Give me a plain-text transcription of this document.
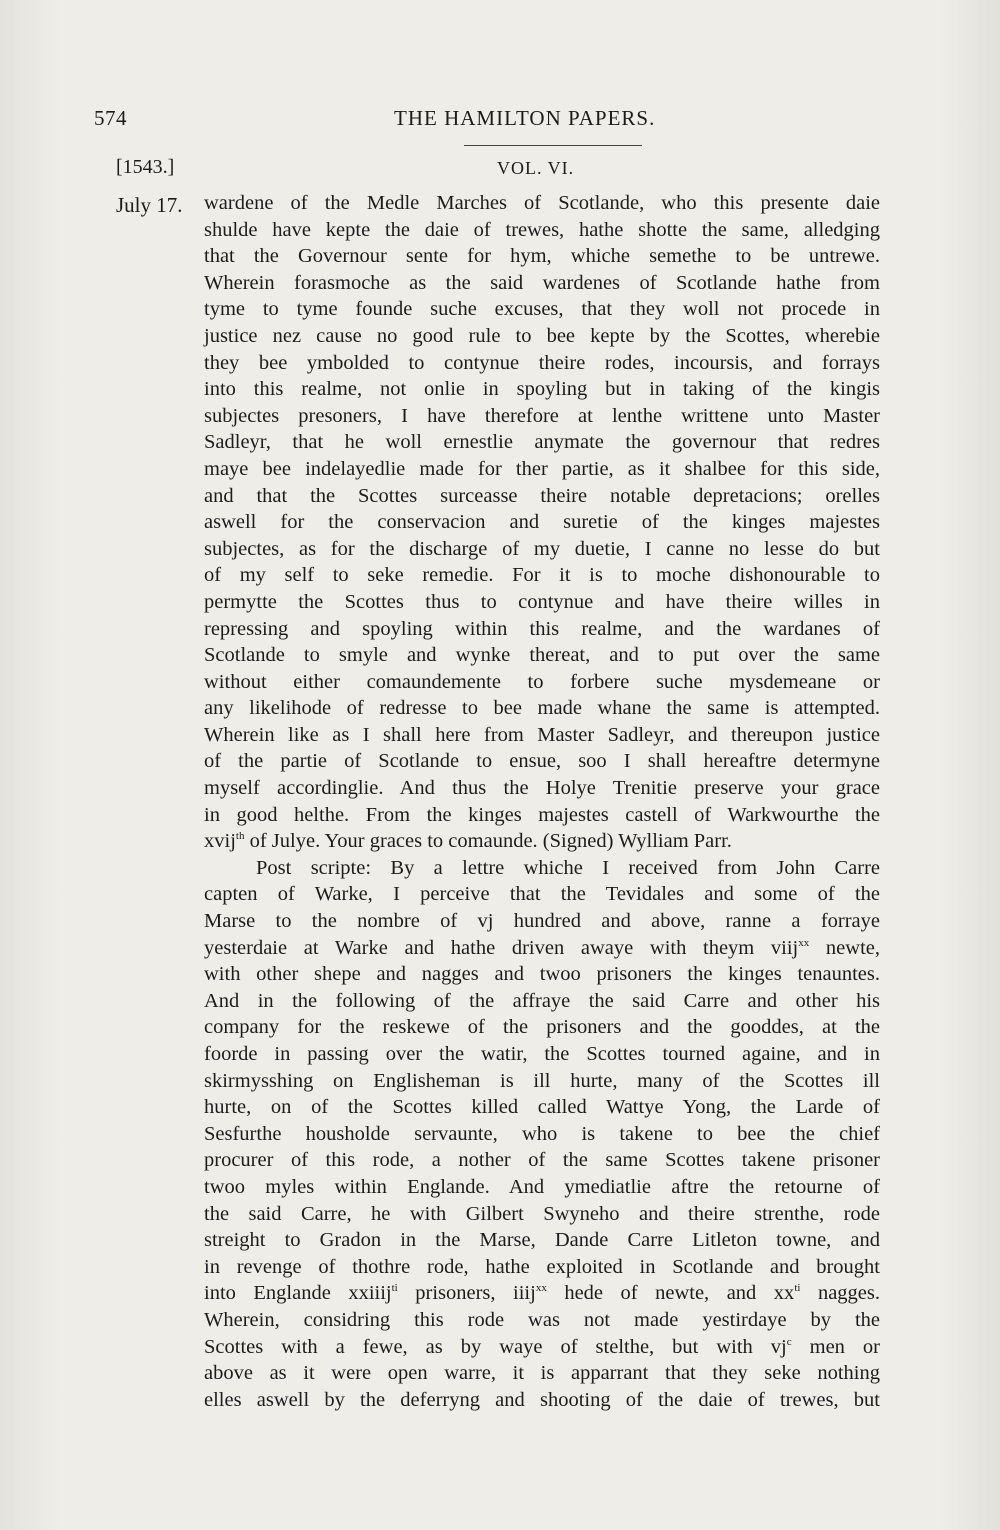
574	THE HAMILTON PAPERS.
[1543.]	VOL. VI.
July 17. wardene of the Medle Marches of Scotlande, who this presente daie
shulde have kepte the daie of trewes, hathe shotte the same, alledging
that the Governour sente for hym, whiche semethe to be untrewe.
Wherein forasmoche as the said wardenes of Scotlande hathe from
tyme to tyme founde suche excuses, that they woll not procede in
justice nez cause no good rule to bee kepte by the Scottes, wherebie
they bee ymbolded to contynue theire rodes, incoursis, and forrays
into this realme, not onlie in spoyling but in taking of the kingis
subjectes presoners, I have therefore at lenthe writtene unto Master
Sadleyr, that he woll ernestlie anymate the governour that redres
maye bee indelayedlie made for ther partie, as it shalbee for this side,
and that the Scottes surceasse theire notable depretacions; orelles
aswell for the conservacion and suretie of the kinges majestes
subjectes, as for the discharge of my duetie, I canne no lesse do but
of my self to seke remedie. For it is to moche dishonourable to
permytte the Scottes thus to contynue and have theire willes in
repressing and spoyling within this realme, and the wardanes of
Scotlande to smyle and wynke thereat, and to put over the same
without either comaundemente to forbere suche mysdemeane or
any likelihode of redresse to bee made whane the same is attempted.
Wherein like as I shall here from Master Sadleyr, and thereupon justice
of the partie of Scotlande to ensue, soo I shall hereaftre determyne
myself accordinglie. And thus the Holye Trenitie preserve your grace
in good helthe. From the kinges majestes castell of Warkwourthe the
xvij$^{th}$ of Julye. Your graces to comaunde. (Signed) Wylliam Parr.
Post scripte: By a lettre whiche I received from John Carre
capten of Warke, I perceive that the Tevidales and some of the
Marse to the nombre of vj hundred and above, ranne a forraye
yesterdaie at Warke and hathe driven awaye with theym viij$^{xx}$ newte,
with other shepe and nagges and twoo prisoners the kinges tenauntes.
And in the following of the affraye the said Carre and other his
company for the reskewe of the prisoners and the gooddes, at the
foorde in passing over the watir, the Scottes tourned againe, and in
skirmysshing on Englisheman is ill hurte, many of the Scottes ill
hurte, on of the Scottes killed called Wattye Yong, the Larde of
Sesfurthe housholde servaunte, who is takene to bee the chief
procurer of this rode, a nother of the same Scottes takene prisoner
twoo myles within Englande. And ymediatlie aftre the retourne of
the said Carre, he with Gilbert Swyneho and theire strenthe, rode
streight to Gradon in the Marse, Dande Carre Litleton towne, and
in revenge of thothre rode, hathe exploited in Scotlande and brought
into Englande xxiiij$^{ti}$ prisoners, iiij$^{xx}$ hede of newte, and $xx^{ti}$ nagges.
Wherein, considring this rode was not made yestirdaye by the
Scottes with a fewe, as by waye of stelthe, but with $vj^c$ men or
above as it were open warre, it is apparrant that they seke nothing
elles aswell by the deferryng and shooting of the daie of trewes, but
